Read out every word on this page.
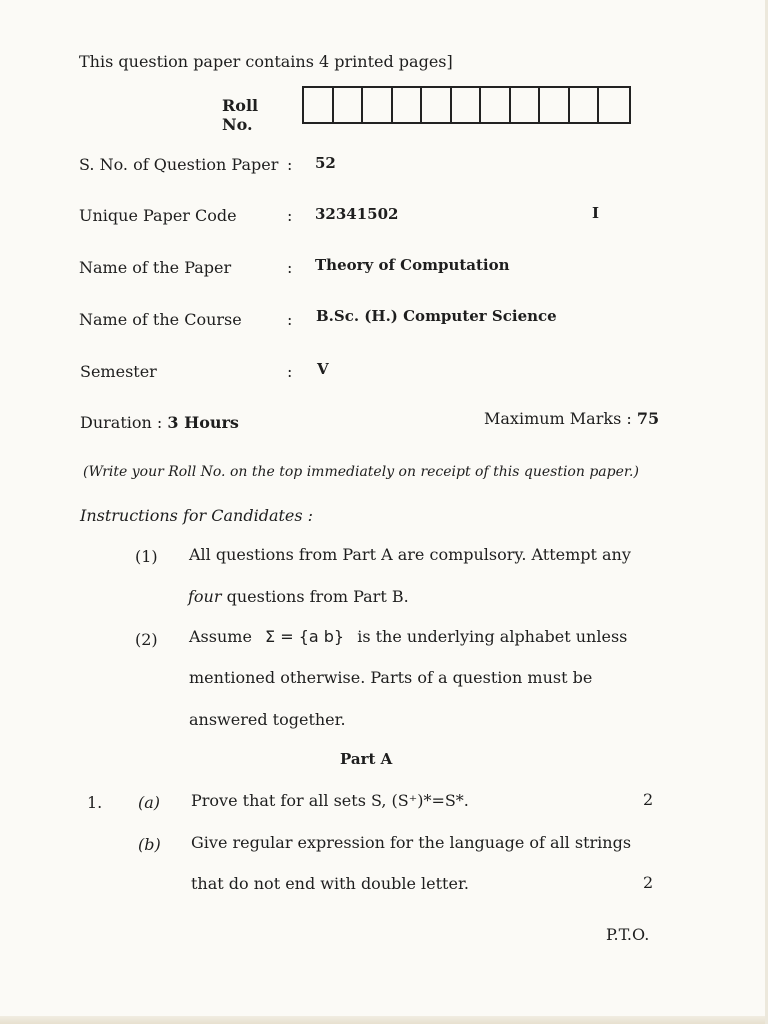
This question paper contains 4 printed pages]
Roll No.
S. No. of Question Paper : 52
Unique Paper Code	: 32341502	I
Name of the Paper	: Theory of Computation
Name of the Course	: B.Sc. (H.) Computer Science
Semester	: V
Duration : 3 Hours	Maximum Marks : 75
(Write your Roll No. on the top immediately on receipt of this question paper.)
Instructions for Candidates :
(1) All questions from Part A are compulsory. Attempt any
four questions from Part B.
(2) Assume Σ = {a b} is the underlying alphabet unless
mentioned otherwise. Parts of a question must be
answered together.
Part A
1. (a) Prove that for all sets S, (S⁺)*=S*.	2
(b) Give regular expression for the language of all strings
that do not end with double letter.	2
P.T.O.
